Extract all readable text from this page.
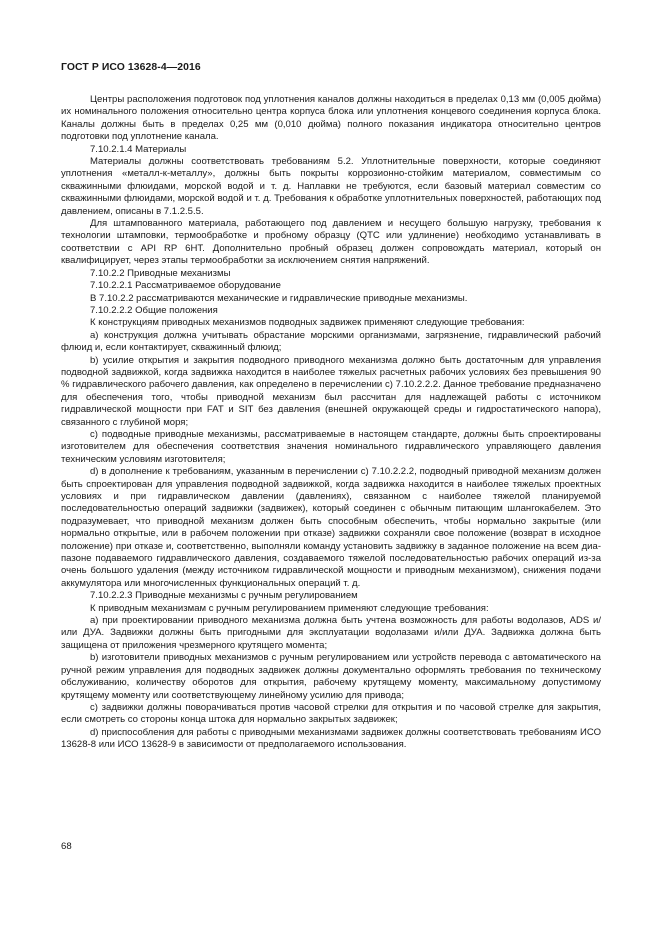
ГОСТ Р ИСО 13628-4—2016

Центры расположения подготовок под уплотнения каналов должны находиться в пределах 0,13 мм (0,005 дюйма) их номинального положения относительно центра корпуса блока или уплотнения концевого соединения корпуса блока. Каналы должны быть в пределах 0,25 мм (0,010 дюйма) полного показания индикатора относительно центров подготовки под уплотнение канала.

7.10.2.1.4 Материалы

Материалы должны соответствовать требованиям 5.2. Уплотнительные поверхности, которые соединяют уплотнения «металл-к-металлу», должны быть покрыты коррозионно-стойким материалом, совместимым со скважинными флюидами, морской водой и т. д. Наплавки не требуются, если базовый материал совместим со скважинными флюидами, морской водой и т. д. Требования к обработке уплотнительных поверхностей, работающих под давлением, описаны в 7.1.2.5.5.

Для штампованного материала, работающего под давлением и несущего большую нагрузку, требования к технологии штамповки, термообработке и пробному образцу (QTC или удлинение) необходимо устанавливать в соответствии с API RP 6HT. Дополнительно пробный образец должен сопровождать материал, который он квалифицирует, через этапы термообработки за исключением снятия напряжений.

7.10.2.2 Приводные механизмы

7.10.2.2.1 Рассматриваемое оборудование

В 7.10.2.2 рассматриваются механические и гидравлические приводные механизмы.

7.10.2.2.2 Общие положения

К конструкциям приводных механизмов подводных задвижек применяют следующие требования:

a) конструкция должна учитывать обрастание морскими организмами, загрязнение, гидравлический рабочий флюид и, если контактирует, скважинный флюид;

b) усилие открытия и закрытия подводного приводного механизма должно быть достаточным для управления подводной задвижкой, когда задвижка находится в наиболее тяжелых расчетных рабочих условиях без превышения 90 % гидравлического рабочего давления, как определено в перечислении с) 7.10.2.2.2. Данное требование предназначено для обеспечения того, чтобы приводной механизм был рассчитан для надлежащей работы с источником гидравлической мощности при FAT и SIT без давления (внешней окружающей среды и гидростатического напора), связанного с глубиной моря;

c) подводные приводные механизмы, рассматриваемые в настоящем стандарте, должны быть спроектированы изготовителем для обеспечения соответствия значения номинального гидравличеcкого управляющего давления техническим условиям изготовителя;

d) в дополнение к требованиям, указанным в перечислении с) 7.10.2.2.2, подводный приводной механизм должен быть спроектирован для управления подводной задвижкой, когда задвижка находится в наиболее тяжелых проектных условиях и при гидравлическом давлении (давлениях), связанном с наиболее тяжелой планируемой последовательностью операций задвижки (задвижек), который соединен с обычным питающим шлангокабелем. Это подразумевает, что приводной механизм должен быть способным обеспечить, чтобы нормально закрытые (или нормально открытые, или в рабочем положении при отказе) задвижки сохраняли свое положение (возврат в исходное положение) при отказе и, соответственно, выполняли команду установить задвижку в заданное положение на всем диапазоне подаваемого гидравлического давления, создаваемого тяжелой последовательностью рабочих операций из-за очень большого удаления (между источником гидравлической мощности и приводным механизмом), снижения подачи аккумулятора или многочисленных функциональных операций т. д.

7.10.2.2.3 Приводные механизмы с ручным регулированием

К приводным механизмам с ручным регулированием применяют следующие требования:

a) при проектировании приводного механизма должна быть учтена возможность для работы водолазов, ADS и/или ДУА. Задвижки должны быть пригодными для эксплуатации водолазами и/или ДУА. Задвижка должна быть защищена от приложения чрезмерного крутящего момента;

b) изготовители приводных механизмов с ручным регулированием или устройств перевода с автоматического на ручной режим управления для подводных задвижек должны документально оформлять требования по техническому обслуживанию, количеству оборотов для открытия, рабочему крутящему моменту, максимальному допустимому крутящему моменту или соответствующему линейному усилию для привода;

c) задвижки должны поворачиваться против часовой стрелки для открытия и по часовой стрелке для закрытия, если смотреть со стороны конца штока для нормально закрытых задвижек;

d) приспособления для работы с приводными механизмами задвижек должны соответствовать требованиям ИСО 13628-8 или ИСО 13628-9 в зависимости от предполагаемого использования.

68
